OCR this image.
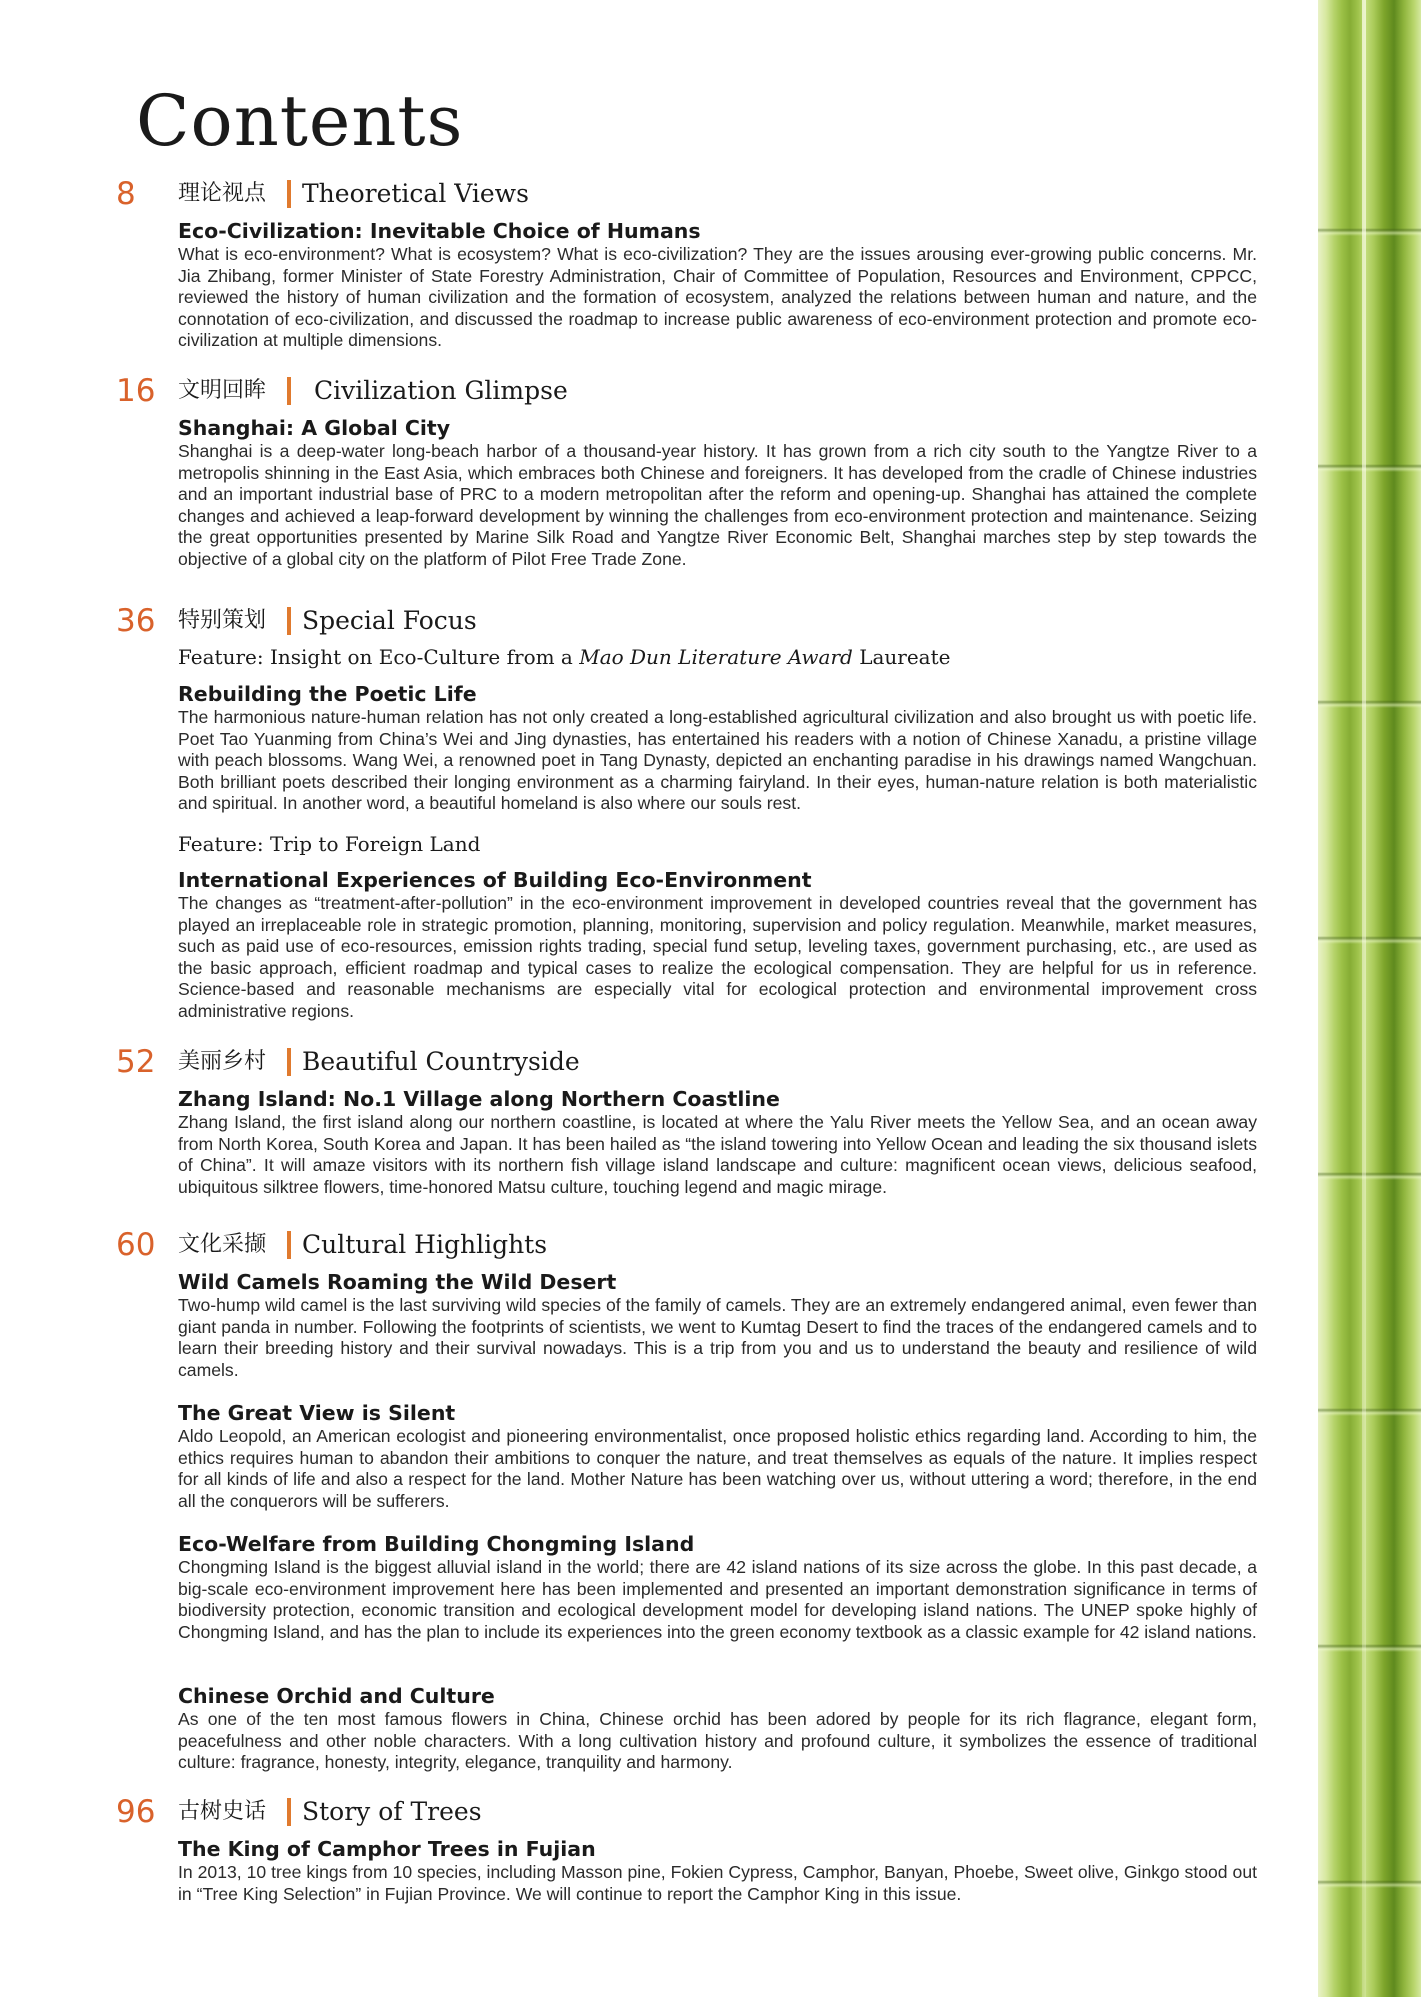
Contents
8 理论视点 Theoretical Views

Eco-Civilization: Inevitable Choice of Humans

What is eco-environment? What is ecosystem? What is eco-civilization? They are the issues arousing ever-growing public concerns. Mr. Jia Zhibang, former Minister of State Forestry Administration, Chair of Committee of Population, Resources and Environment, CPPCC, reviewed the history of human civilization and the formation of ecosystem, analyzed the relations between human and nature, and the connotation of eco-civilization, and discussed the roadmap to increase public awareness of eco-environment protection and promote eco-civilization at multiple dimensions.

16 文明回眸 Civilization Glimpse

Shanghai: A Global City

Shanghai is a deep-water long-beach harbor of a thousand-year history. It has grown from a rich city south to the Yangtze River to a metropolis shinning in the East Asia, which embraces both Chinese and foreigners. It has developed from the cradle of Chinese industries and an important industrial base of PRC to a modern metropolitan after the reform and opening-up. Shanghai has attained the complete changes and achieved a leap-forward development by winning the challenges from eco-environment protection and maintenance. Seizing the great opportunities presented by Marine Silk Road and Yangtze River Economic Belt, Shanghai marches step by step towards the objective of a global city on the platform of Pilot Free Trade Zone.

36 特别策划 Special Focus

Feature: Insight on Eco-Culture from a Mao Dun Literature Award Laureate

Rebuilding the Poetic Life

The harmonious nature-human relation has not only created a long-established agricultural civilization and also brought us with poetic life. Poet Tao Yuanming from China’s Wei and Jing dynasties, has entertained his readers with a notion of Chinese Xanadu, a pristine village with peach blossoms. Wang Wei, a renowned poet in Tang Dynasty, depicted an enchanting paradise in his drawings named Wangchuan. Both brilliant poets described their longing environment as a charming fairyland. In their eyes, human-nature relation is both materialistic and spiritual. In another word, a beautiful homeland is also where our souls rest.

Feature: Trip to Foreign Land

International Experiences of Building Eco-Environment

The changes as “treatment-after-pollution” in the eco-environment improvement in developed countries reveal that the government has played an irreplaceable role in strategic promotion, planning, monitoring, supervision and policy regulation. Meanwhile, market measures, such as paid use of eco-resources, emission rights trading, special fund setup, leveling taxes, government purchasing, etc., are used as the basic approach, efficient roadmap and typical cases to realize the ecological compensation. They are helpful for us in reference. Science-based and reasonable mechanisms are especially vital for ecological protection and environmental improvement cross administrative regions.

52 美丽乡村 Beautiful Countryside

Zhang Island: No.1 Village along Northern Coastline

Zhang Island, the first island along our northern coastline, is located at where the Yalu River meets the Yellow Sea, and an ocean away from North Korea, South Korea and Japan. It has been hailed as “the island towering into Yellow Ocean and leading the six thousand islets of China”. It will amaze visitors with its northern fish village island landscape and culture: magnificent ocean views, delicious seafood, ubiquitous silktree flowers, time-honored Matsu culture, touching legend and magic mirage.

60 文化采撷 Cultural Highlights

Wild Camels Roaming the Wild Desert

Two-hump wild camel is the last surviving wild species of the family of camels. They are an extremely endangered animal, even fewer than giant panda in number. Following the footprints of scientists, we went to Kumtag Desert to find the traces of the endangered camels and to learn their breeding history and their survival nowadays. This is a trip from you and us to understand the beauty and resilience of wild camels.

The Great View is Silent

Aldo Leopold, an American ecologist and pioneering environmentalist, once proposed holistic ethics regarding land. According to him, the ethics requires human to abandon their ambitions to conquer the nature, and treat themselves as equals of the nature. It implies respect for all kinds of life and also a respect for the land. Mother Nature has been watching over us, without uttering a word; therefore, in the end all the conquerors will be sufferers.

Eco-Welfare from Building Chongming Island

Chongming Island is the biggest alluvial island in the world; there are 42 island nations of its size across the globe. In this past decade, a big-scale eco-environment improvement here has been implemented and presented an important demonstration significance in terms of biodiversity protection, economic transition and ecological development model for developing island nations. The UNEP spoke highly of Chongming Island, and has the plan to include its experiences into the green economy textbook as a classic example for 42 island nations.

Chinese Orchid and Culture

As one of the ten most famous flowers in China, Chinese orchid has been adored by people for its rich flagrance, elegant form, peacefulness and other noble characters. With a long cultivation history and profound culture, it symbolizes the essence of traditional culture: fragrance, honesty, integrity, elegance, tranquility and harmony.

96 古树史话 Story of Trees

The King of Camphor Trees in Fujian

In 2013, 10 tree kings from 10 species, including Masson pine, Fokien Cypress, Camphor, Banyan, Phoebe, Sweet olive, Ginkgo stood out in “Tree King Selection” in Fujian Province. We will continue to report the Camphor King in this issue.
